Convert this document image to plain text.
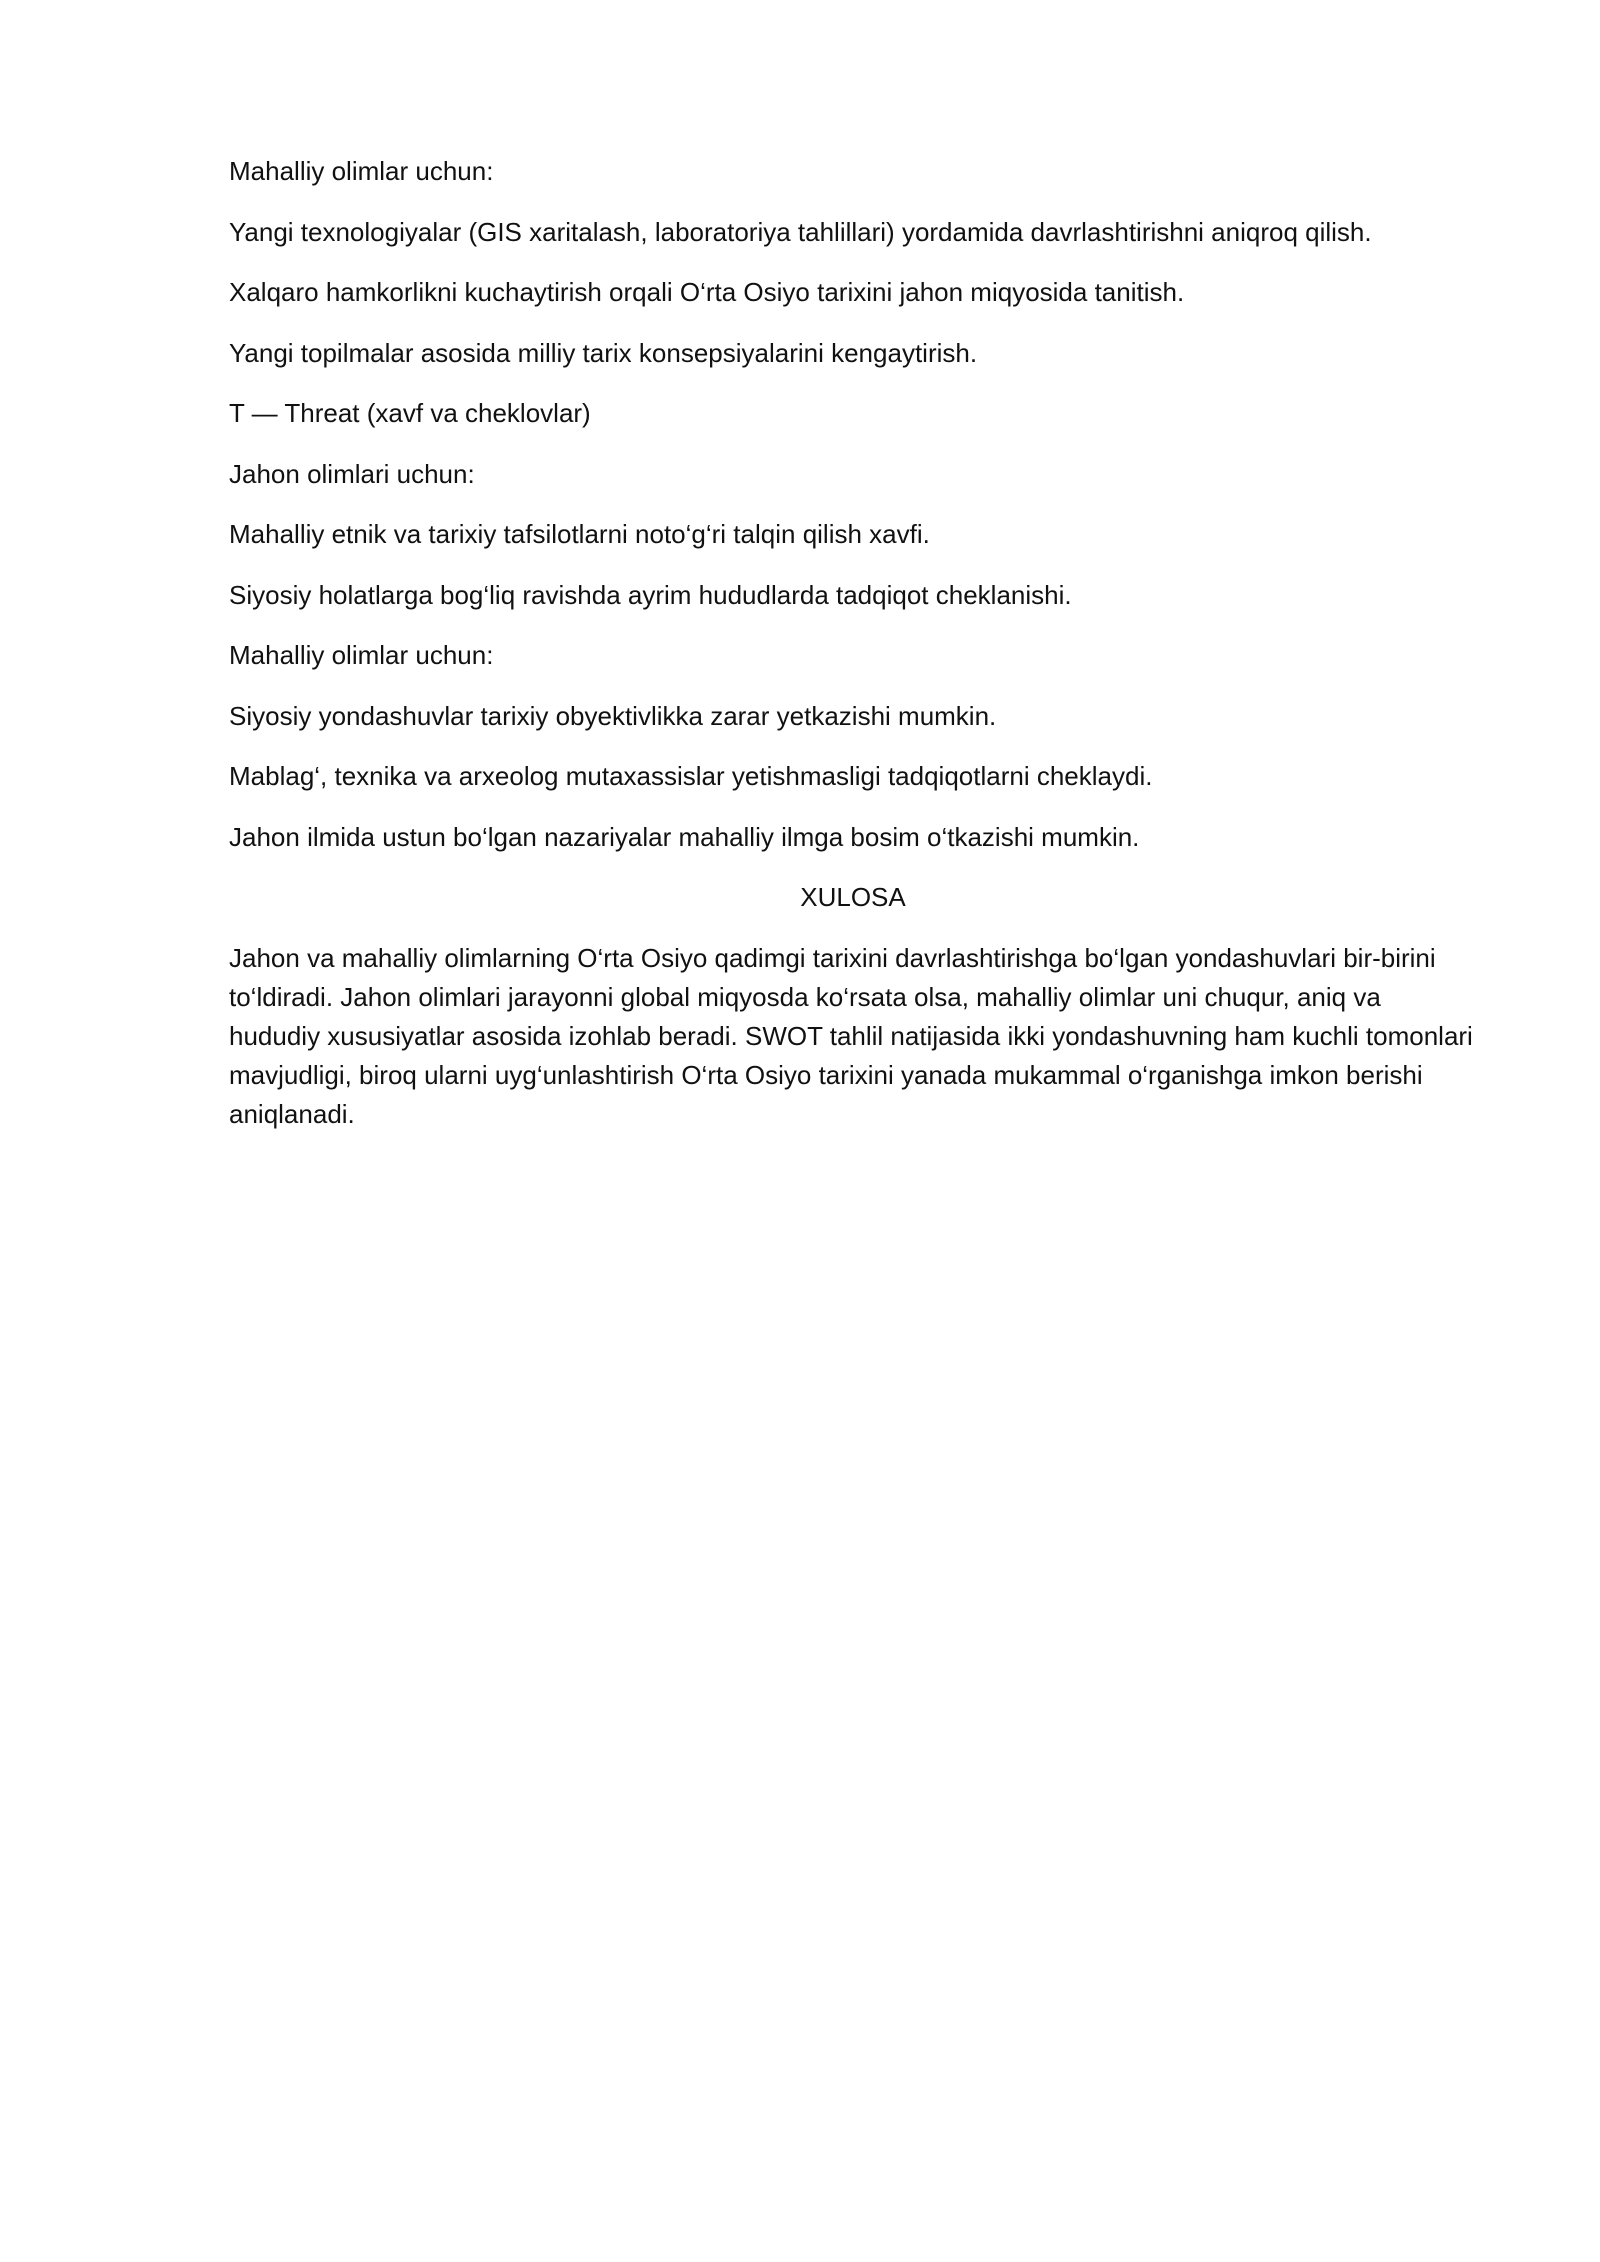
Mahalliy olimlar uchun:

Yangi texnologiyalar (GIS xaritalash, laboratoriya tahlillari) yordamida davrlashtirishni aniqroq qilish.

Xalqaro hamkorlikni kuchaytirish orqali O‘rta Osiyo tarixini jahon miqyosida tanitish.

Yangi topilmalar asosida milliy tarix konsepsiyalarini kengaytirish.

T — Threat (xavf va cheklovlar)

Jahon olimlari uchun:

Mahalliy etnik va tarixiy tafsilotlarni noto‘g‘ri talqin qilish xavfi.

Siyosiy holatlarga bog‘liq ravishda ayrim hududlarda tadqiqot cheklanishi.

Mahalliy olimlar uchun:

Siyosiy yondashuvlar tarixiy obyektivlikka zarar yetkazishi mumkin.

Mablag‘, texnika va arxeolog mutaxassislar yetishmasligi tadqiqotlarni cheklaydi.

Jahon ilmida ustun bo‘lgan nazariyalar mahalliy ilmga bosim o‘tkazishi mumkin.

XULOSA

Jahon va mahalliy olimlarning O‘rta Osiyo qadimgi tarixini davrlashtirishga bo‘lgan yondashuvlari bir-birini to‘ldiradi. Jahon olimlari jarayonni global miqyosda ko‘rsata olsa, mahalliy olimlar uni chuqur, aniq va hududiy xususiyatlar asosida izohlab beradi. SWOT tahlil natijasida ikki yondashuvning ham kuchli tomonlari mavjudligi, biroq ularni uyg‘unlashtirish O‘rta Osiyo tarixini yanada mukammal o‘rganishga imkon berishi aniqlanadi.
